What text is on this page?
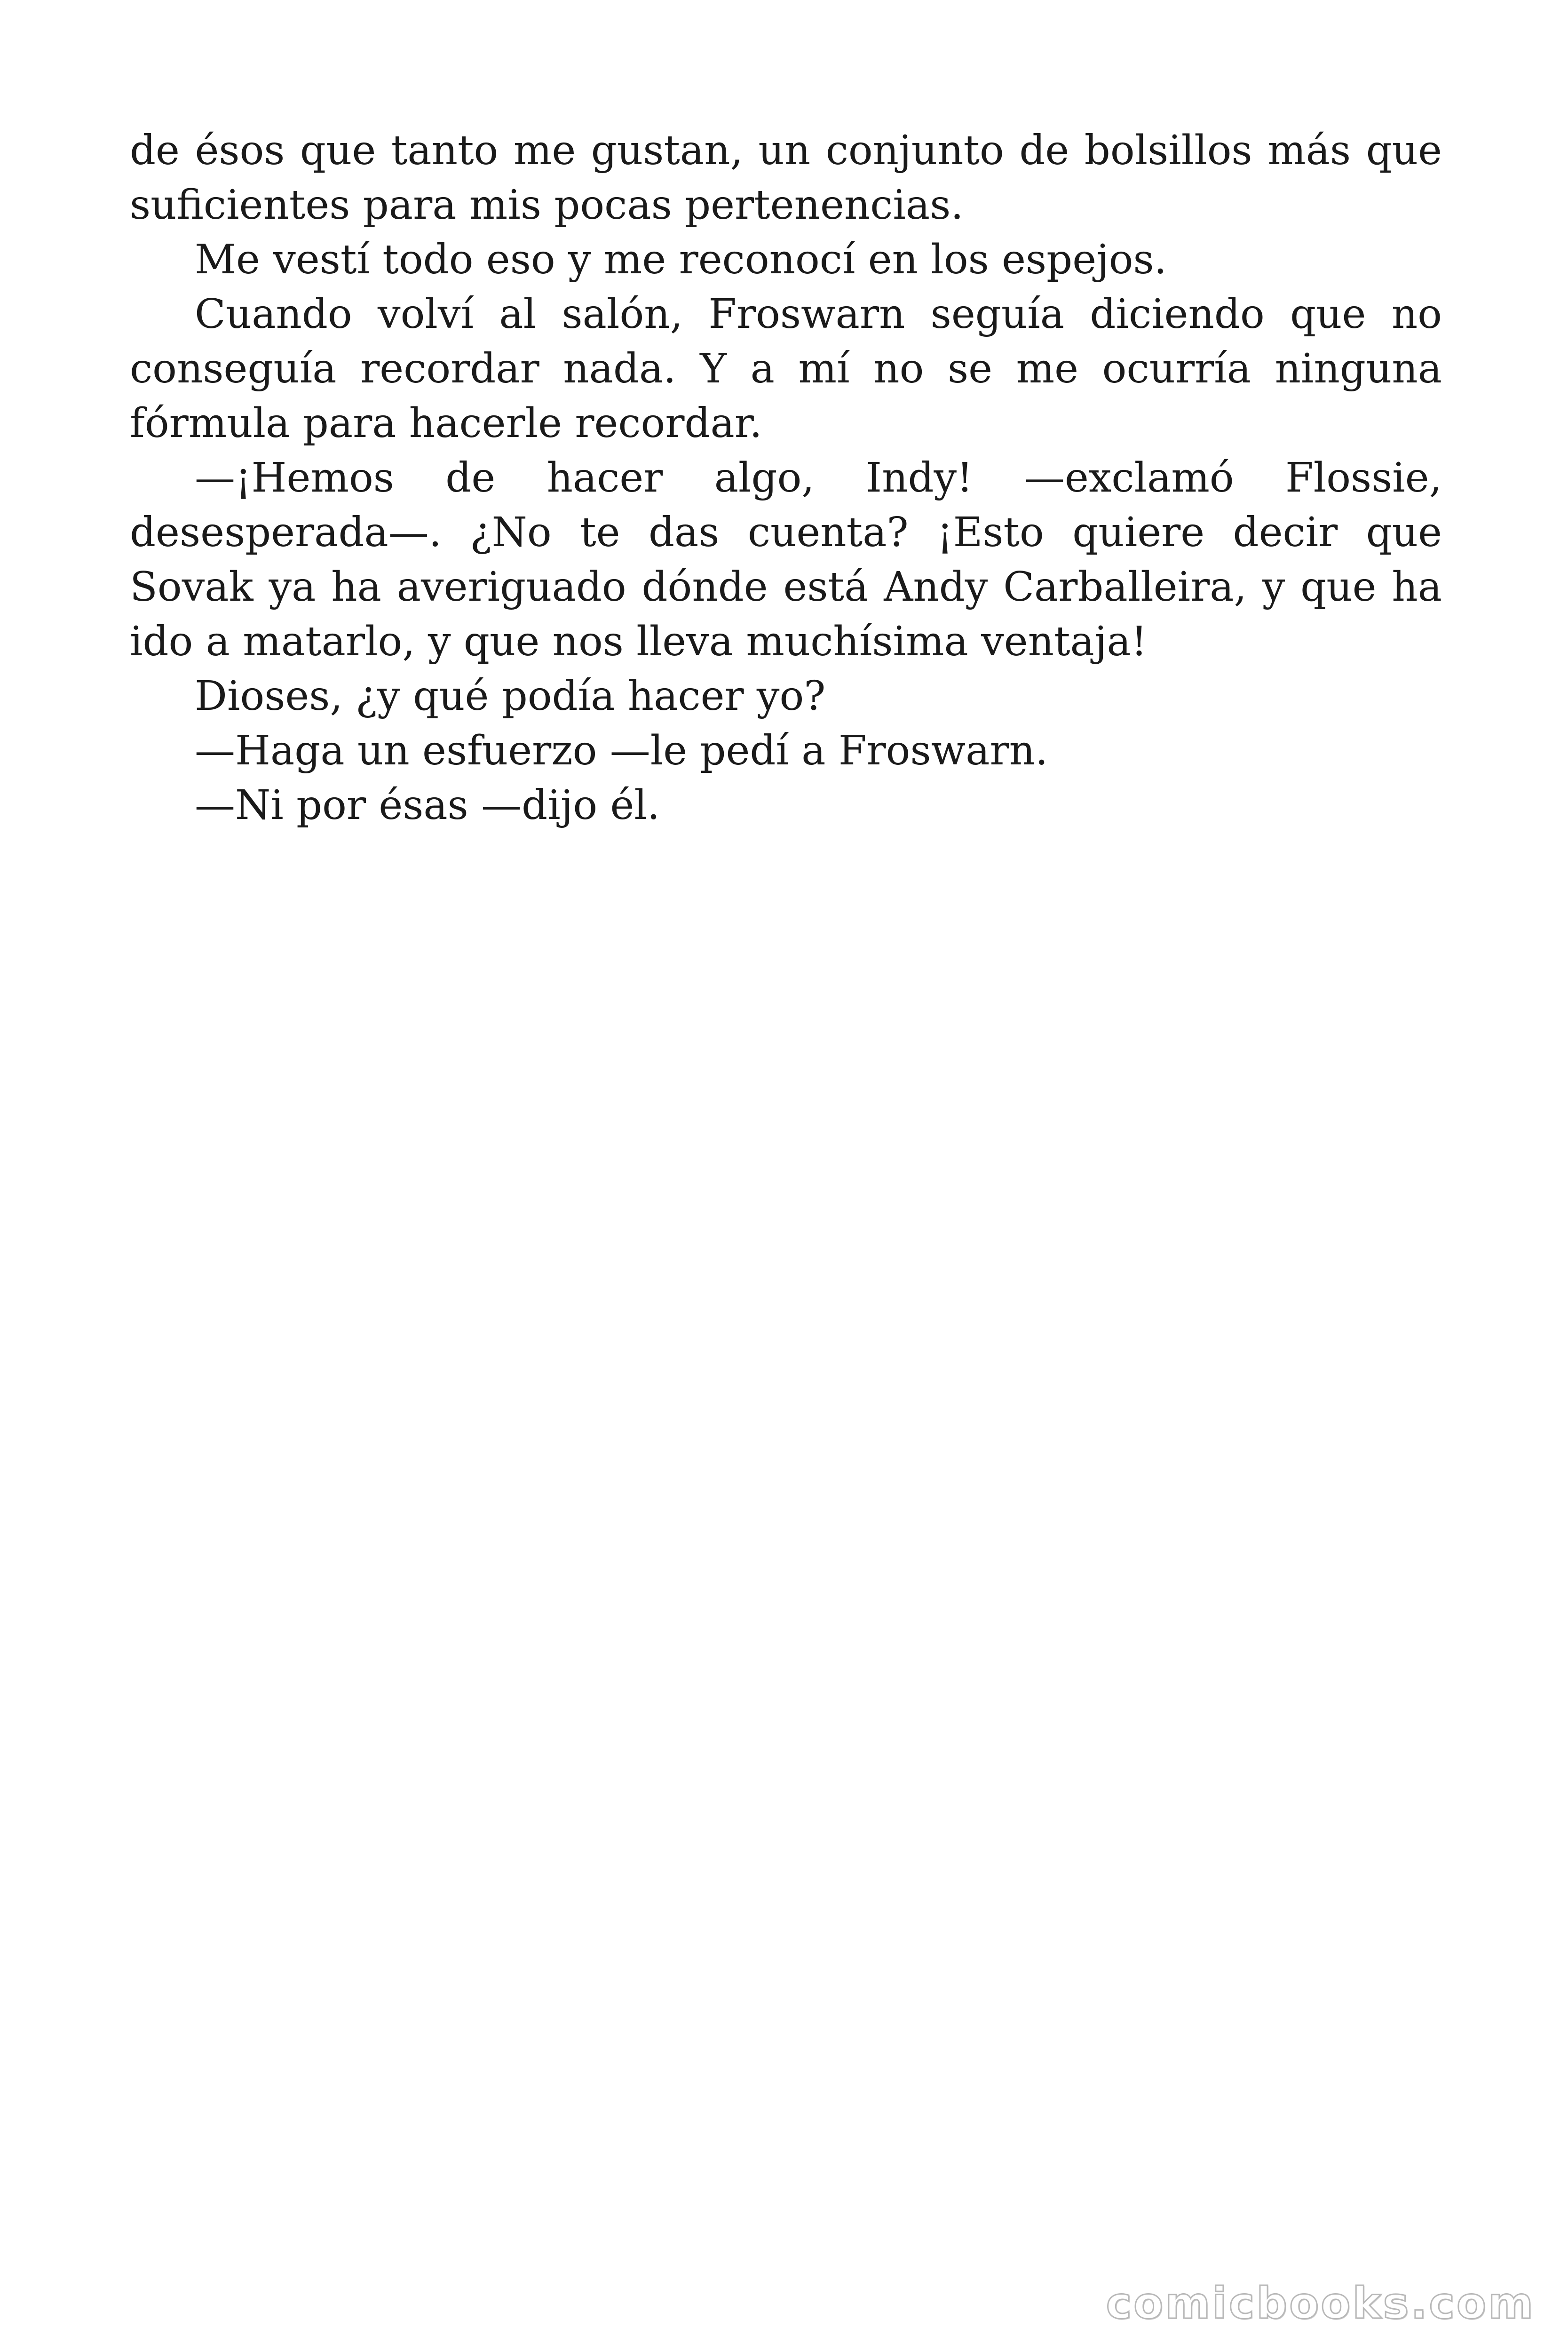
de ésos que tanto me gustan, un conjunto de bolsillos más que suficientes para mis pocas pertenencias.

Me vestí todo eso y me reconocí en los espejos.

Cuando volví al salón, Froswarn seguía diciendo que no conseguía recordar nada. Y a mí no se me ocurría ninguna fórmula para hacerle recordar.

—¡Hemos de hacer algo, Indy! —exclamó Flossie, desesperada—. ¿No te das cuenta? ¡Esto quiere decir que Sovak ya ha averiguado dónde está Andy Carballeira, y que ha ido a matarlo, y que nos lleva muchísima ventaja!

Dioses, ¿y qué podía hacer yo?

—Haga un esfuerzo —le pedí a Froswarn.

—Ni por ésas —dijo él.

comicbooks.com
